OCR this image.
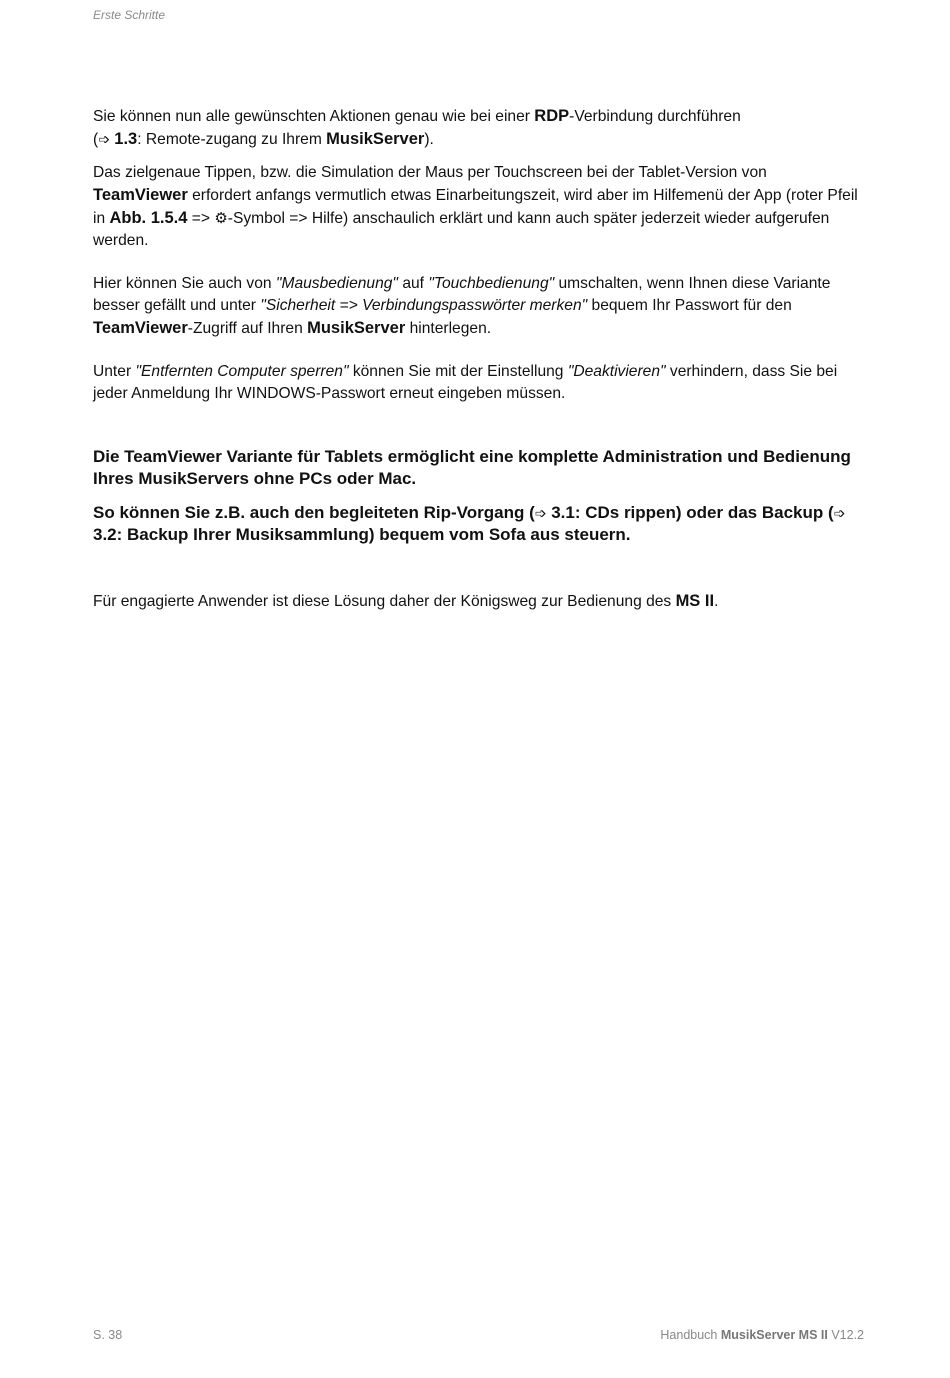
Erste Schritte

Sie können nun alle gewünschten Aktionen genau wie bei einer RDP-Verbindung durchführen
(➩ 1.3: Remote-zugang zu Ihrem MusikServer).

Das zielgenaue Tippen, bzw. die Simulation der Maus per Touchscreen bei der Tablet-Version von TeamViewer erfordert anfangs vermutlich etwas Einarbeitungszeit, wird aber im Hilfemenü der App (roter Pfeil in Abb. 1.5.4 => ⚙-Symbol => Hilfe) anschaulich erklärt und kann auch später jederzeit wieder aufgerufen werden.

Hier können Sie auch von "Mausbedienung" auf "Touchbedienung" umschalten, wenn Ihnen diese Variante besser gefällt und unter "Sicherheit => Verbindungspasswörter merken" bequem Ihr Passwort für den TeamViewer-Zugriff auf Ihren MusikServer hinterlegen.

Unter "Entfernten Computer sperren" können Sie mit der Einstellung "Deaktivieren" verhindern, dass Sie bei jeder Anmeldung Ihr WINDOWS-Passwort erneut eingeben müssen.

Die TeamViewer Variante für Tablets ermöglicht eine komplette Administration und Bedienung Ihres MusikServers ohne PCs oder Mac.

So können Sie z.B. auch den begleiteten Rip-Vorgang (➩ 3.1: CDs rippen) oder das Backup (➩ 3.2: Backup Ihrer Musiksammlung) bequem vom Sofa aus steuern.

Für engagierte Anwender ist diese Lösung daher der Königsweg zur Bedienung des MS II.

S. 38	Handbuch MusikServer MS II V12.2
